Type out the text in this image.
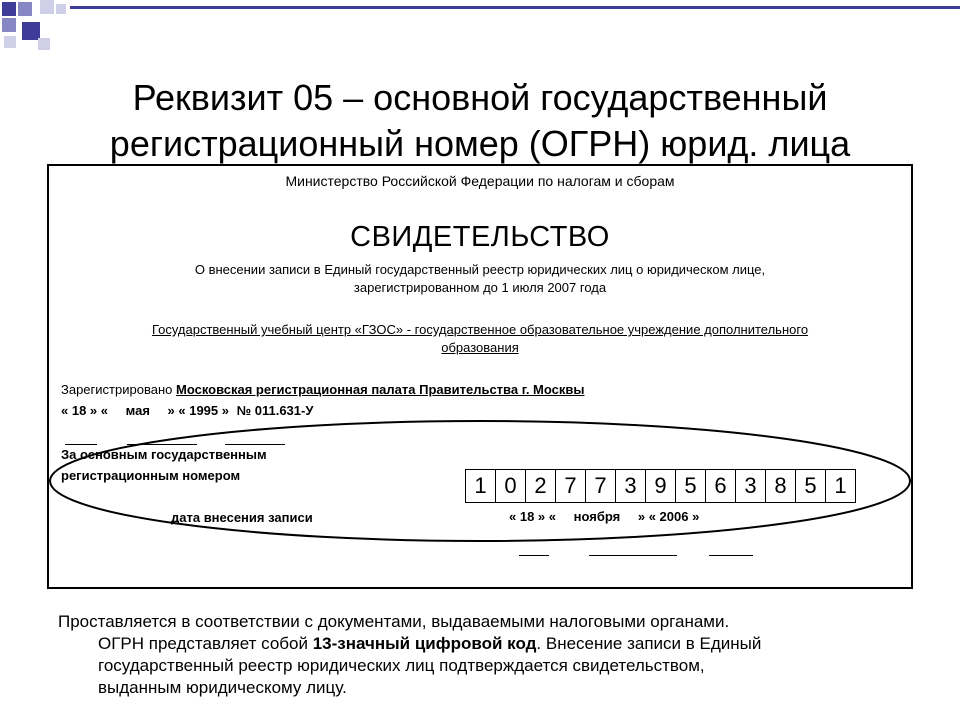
Реквизит 05 – основной государственный
регистрационный номер (ОГРН) юрид. лица
Министерство Российской Федерации по налогам и сборам
СВИДЕТЕЛЬСТВО
О внесении записи в Единый государственный реестр юридических лиц о юридическом лице,
зарегистрированном до 1 июля 2007 года
Государственный учебный центр «ГЗОС» - государственное образовательное учреждение дополнительного
образования
Зарегистрировано Московская регистрационная палата Правительства г. Москвы
« 18 » « мая » « 1995 » № 011.631-У
За основным государственным
регистрационным номером	1 0 2 7 7 3 9 5 6 3 8 5 1
дата внесения записи	« 18 » « ноября » « 2006 »
Проставляется в соответствии с документами, выдаваемыми налоговыми органами.
ОГРН представляет собой 13-значный цифровой код. Внесение записи в Единый
государственный реестр юридических лиц подтверждается свидетельством,
выданным юридическому лицу.
